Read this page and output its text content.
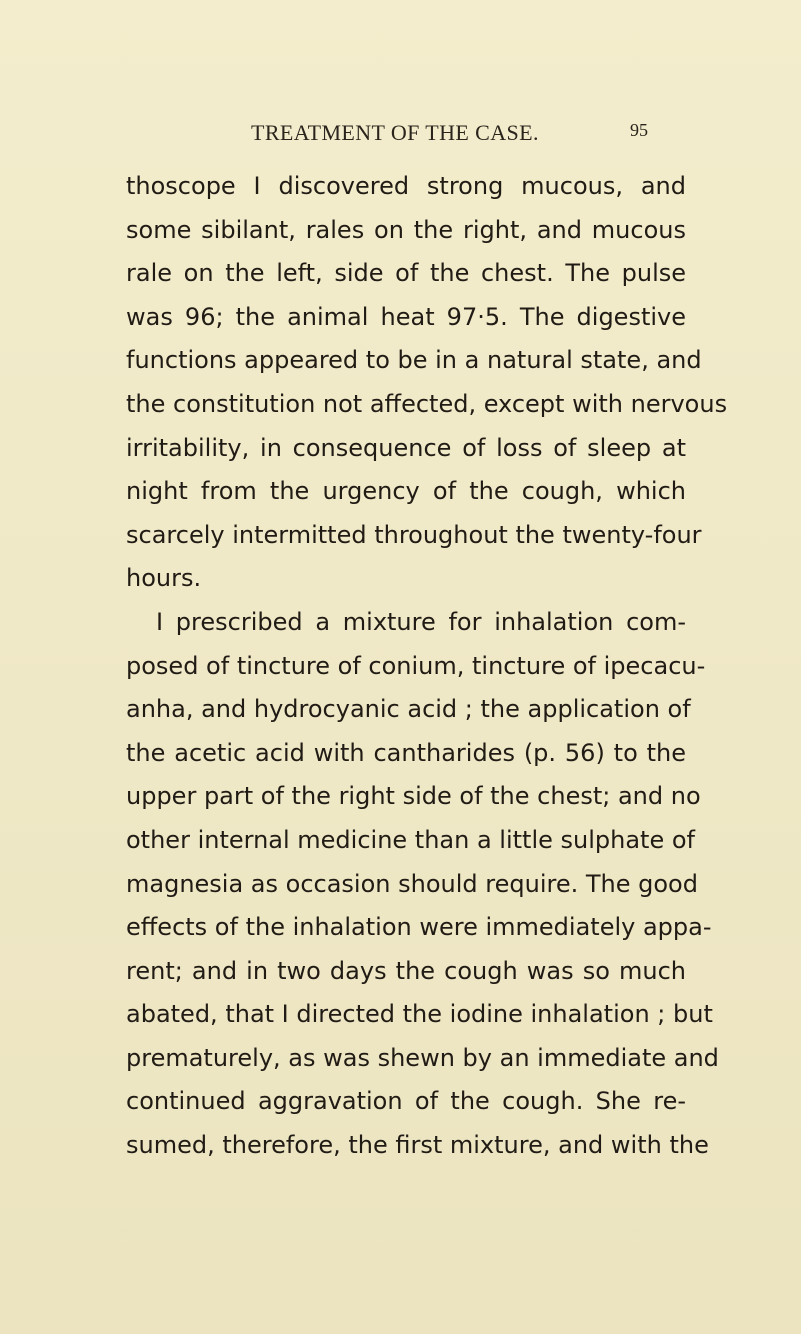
TREATMENT OF THE CASE.	95
thoscope I discovered strong mucous, and
some sibilant, rales on the right, and mucous
rale on the left, side of the chest. The pulse
was 96; the animal heat 97·5. The digestive
functions appeared to be in a natural state, and
the constitution not affected, except with nervous
irritability, in consequence of loss of sleep at
night from the urgency of the cough, which
scarcely intermitted throughout the twenty-four
hours.
I prescribed a mixture for inhalation com-
posed of tincture of conium, tincture of ipecacu-
anha, and hydrocyanic acid ; the application of
the acetic acid with cantharides (p. 56) to the
upper part of the right side of the chest; and no
other internal medicine than a little sulphate of
magnesia as occasion should require. The good
effects of the inhalation were immediately appa-
rent; and in two days the cough was so much
abated, that I directed the iodine inhalation ; but
prematurely, as was shewn by an immediate and
continued aggravation of the cough. She re-
sumed, therefore, the first mixture, and with the
